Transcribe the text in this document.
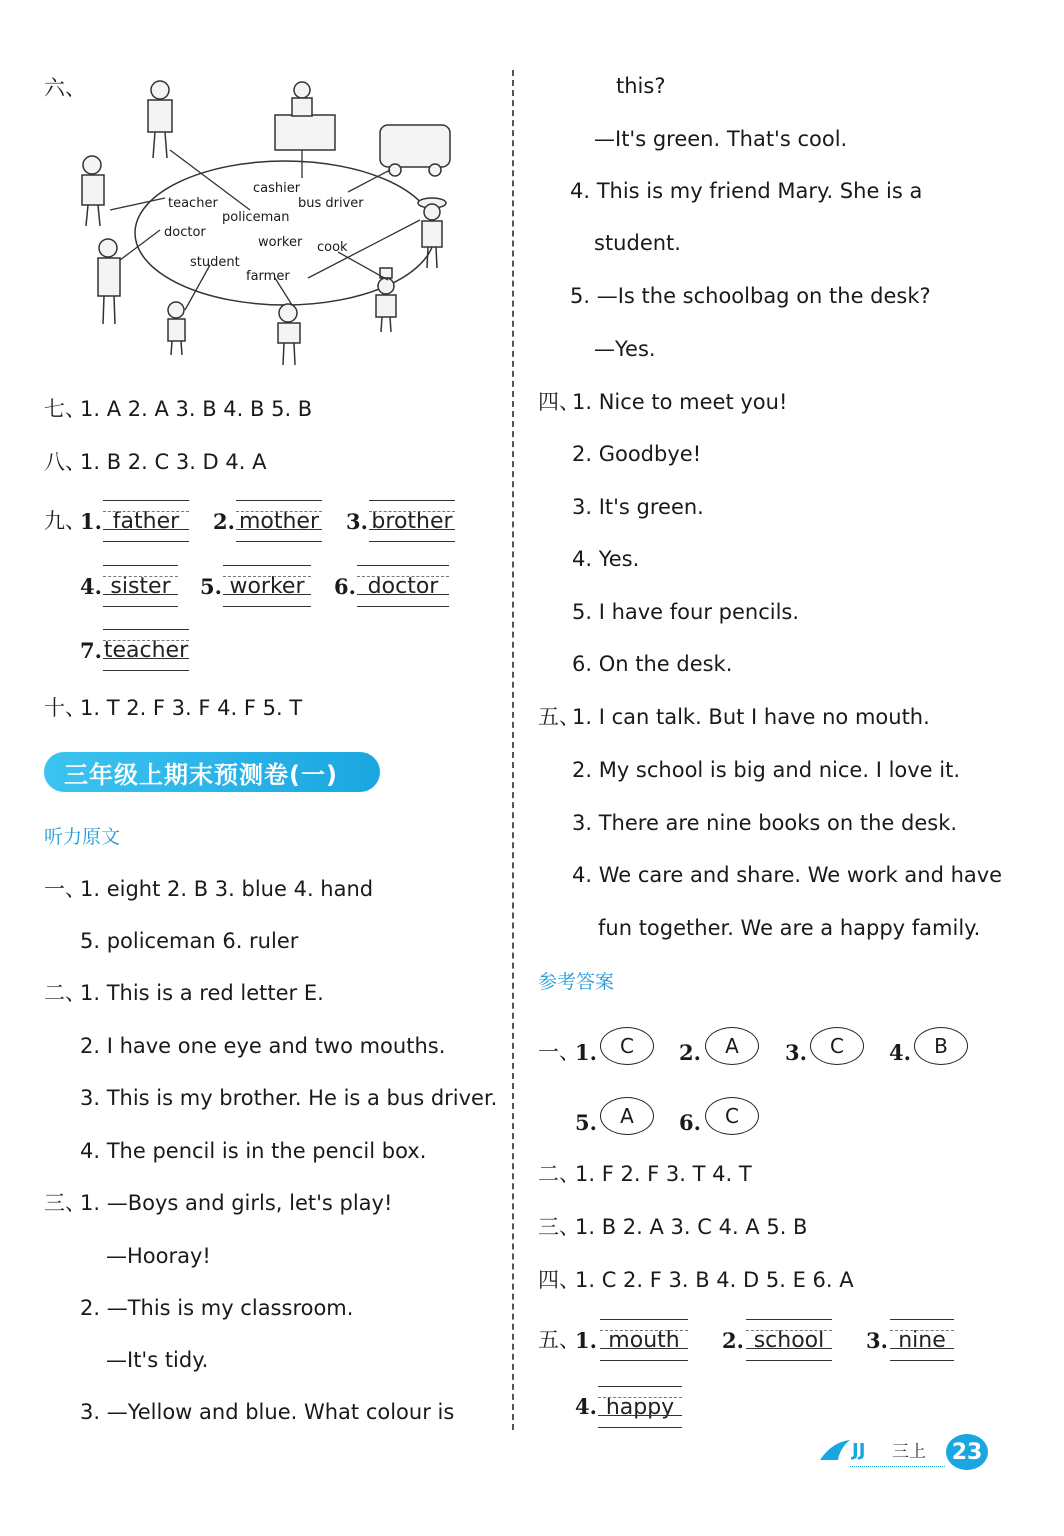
六、
teacher
doctor
student
cashier
policeman
worker
farmer
bus driver
cook
七、
1. A 2. A 3. B 4. B 5. B
八、
1. B 2. C 3. D 4. A
九、
1. father	2. mother 3. brother
4. sister	5. worker	6. doctor
7. teacher
十、
1. T 2. F 3. F 4. F 5. T
三年级上期末预测卷(一)
听力原文
一、
1. eight 2. B 3. blue 4. hand
5. policeman 6. ruler
二、
1. This is a red letter E.
2. I have one eye and two mouths.
3. This is my brother. He is a bus driver.
4. The pencil is in the pencil box.
三、
1. —Boys and girls, let's play!
—Hooray!
2. —This is my classroom.
—It's tidy.
3. —Yellow and blue. What colour is
this?
—It's green. That's cool.
4. This is my friend Mary. She is a
student.
5. —Is the schoolbag on the desk?
—Yes.
四、
1. Nice to meet you!
2. Goodbye!
3. It's green.
4. Yes.
5. I have four pencils.
6. On the desk.
五、
1. I can talk. But I have no mouth.
2. My school is big and nice. I love it.
3. There are nine books on the desk.
4. We care and share. We work and have
fun together. We are a happy family.
参考答案
一、
1.	C	2.	A	3.	C	4.	B
5.	A	6.	C
二、
1. F 2. F 3. T 4. T
三、
1. B 2. A 3. C 4. A 5. B
四、
1. C 2. F 3. B 4. D 5. E 6. A
五、
1. mouth	2. school	3. nine
4. happy
JJ 三上 23
